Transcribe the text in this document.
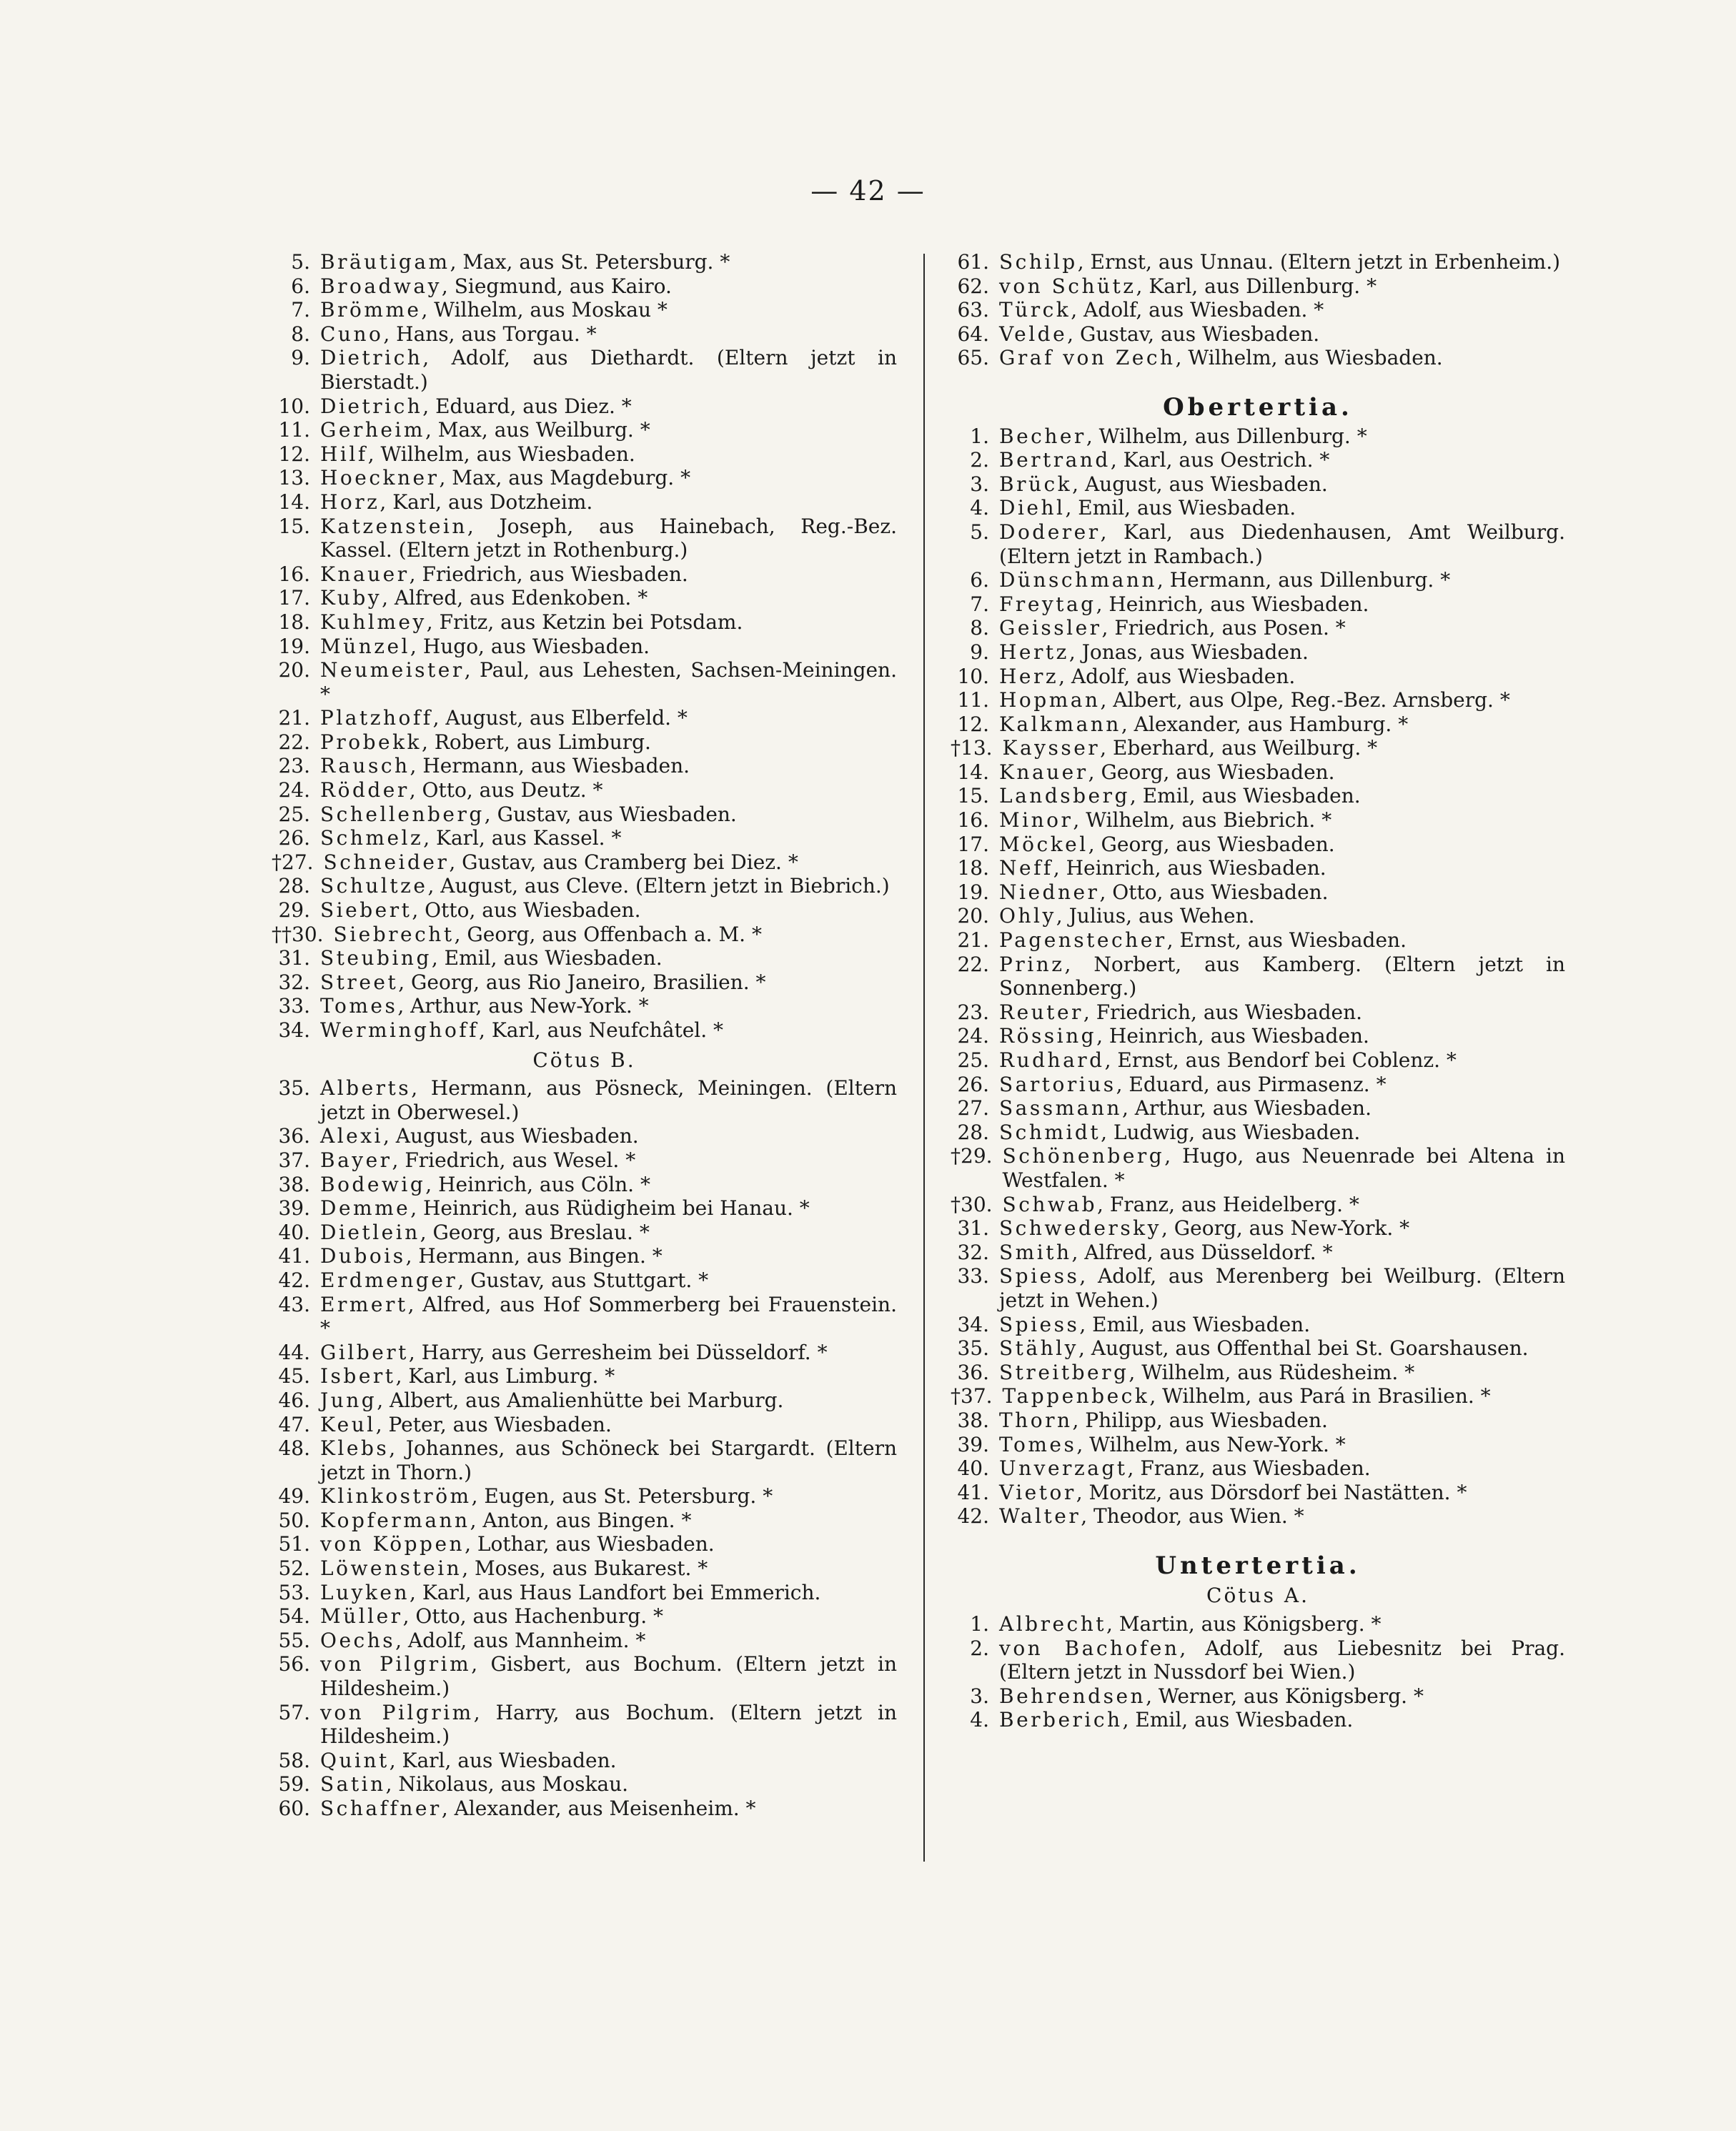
— 42 —
5. Bräutigam, Max, aus St. Petersburg. *
6. Broadway, Siegmund, aus Kairo.
7. Brömme, Wilhelm, aus Moskau *
8. Cuno, Hans, aus Torgau. *
9. Dietrich, Adolf, aus Diethardt. (Eltern jetzt in Bierstadt.)
10. Dietrich, Eduard, aus Diez. *
11. Gerheim, Max, aus Weilburg. *
12. Hilf, Wilhelm, aus Wiesbaden.
13. Hoeckner, Max, aus Magdeburg. *
14. Horz, Karl, aus Dotzheim.
15. Katzenstein, Joseph, aus Hainebach, Reg.-Bez. Kassel. (Eltern jetzt in Rothenburg.)
16. Knauer, Friedrich, aus Wiesbaden.
17. Kuby, Alfred, aus Edenkoben. *
18. Kuhlmey, Fritz, aus Ketzin bei Potsdam.
19. Münzel, Hugo, aus Wiesbaden.
20. Neumeister, Paul, aus Lehesten, Sachsen-Meiningen. *
21. Platzhoff, August, aus Elberfeld. *
22. Probekk, Robert, aus Limburg.
23. Rausch, Hermann, aus Wiesbaden.
24. Rödder, Otto, aus Deutz. *
25. Schellenberg, Gustav, aus Wiesbaden.
26. Schmelz, Karl, aus Kassel. *
†27. Schneider, Gustav, aus Cramberg bei Diez. *
28. Schultze, August, aus Cleve. (Eltern jetzt in Biebrich.)
29. Siebert, Otto, aus Wiesbaden.
††30. Siebrecht, Georg, aus Offenbach a. M. *
31. Steubing, Emil, aus Wiesbaden.
32. Street, Georg, aus Rio Janeiro, Brasilien. *
33. Tomes, Arthur, aus New-York. *
34. Werminghoff, Karl, aus Neufchâtel. *
Cötus B.
35. Alberts, Hermann, aus Pösneck, Meiningen. (Eltern jetzt in Oberwesel.)
36. Alexi, August, aus Wiesbaden.
37. Bayer, Friedrich, aus Wesel. *
38. Bodewig, Heinrich, aus Cöln. *
39. Demme, Heinrich, aus Rüdigheim bei Hanau. *
40. Dietlein, Georg, aus Breslau. *
41. Dubois, Hermann, aus Bingen. *
42. Erdmenger, Gustav, aus Stuttgart. *
43. Ermert, Alfred, aus Hof Sommerberg bei Frauenstein. *
44. Gilbert, Harry, aus Gerresheim bei Düsseldorf. *
45. Isbert, Karl, aus Limburg. *
46. Jung, Albert, aus Amalienhütte bei Marburg.
47. Keul, Peter, aus Wiesbaden.
48. Klebs, Johannes, aus Schöneck bei Stargardt. (Eltern jetzt in Thorn.)
49. Klinkoström, Eugen, aus St. Petersburg. *
50. Kopfermann, Anton, aus Bingen. *
51. von Köppen, Lothar, aus Wiesbaden.
52. Löwenstein, Moses, aus Bukarest. *
53. Luyken, Karl, aus Haus Landfort bei Emmerich.
54. Müller, Otto, aus Hachenburg. *
55. Oechs, Adolf, aus Mannheim. *
56. von Pilgrim, Gisbert, aus Bochum. (Eltern jetzt in Hildesheim.)
57. von Pilgrim, Harry, aus Bochum. (Eltern jetzt in Hildesheim.)
58. Quint, Karl, aus Wiesbaden.
59. Satin, Nikolaus, aus Moskau.
60. Schaffner, Alexander, aus Meisenheim. *
61. Schilp, Ernst, aus Unnau. (Eltern jetzt in Erbenheim.)
62. von Schütz, Karl, aus Dillenburg. *
63. Türck, Adolf, aus Wiesbaden. *
64. Velde, Gustav, aus Wiesbaden.
65. Graf von Zech, Wilhelm, aus Wiesbaden.
Obertertia.
1. Becher, Wilhelm, aus Dillenburg. *
2. Bertrand, Karl, aus Oestrich. *
3. Brück, August, aus Wiesbaden.
4. Diehl, Emil, aus Wiesbaden.
5. Doderer, Karl, aus Diedenhausen, Amt Weilburg. (Eltern jetzt in Rambach.)
6. Dünschmann, Hermann, aus Dillenburg. *
7. Freytag, Heinrich, aus Wiesbaden.
8. Geissler, Friedrich, aus Posen. *
9. Hertz, Jonas, aus Wiesbaden.
10. Herz, Adolf, aus Wiesbaden.
11. Hopman, Albert, aus Olpe, Reg.-Bez. Arnsberg. *
12. Kalkmann, Alexander, aus Hamburg. *
†13. Kaysser, Eberhard, aus Weilburg. *
14. Knauer, Georg, aus Wiesbaden.
15. Landsberg, Emil, aus Wiesbaden.
16. Minor, Wilhelm, aus Biebrich. *
17. Möckel, Georg, aus Wiesbaden.
18. Neff, Heinrich, aus Wiesbaden.
19. Niedner, Otto, aus Wiesbaden.
20. Ohly, Julius, aus Wehen.
21. Pagenstecher, Ernst, aus Wiesbaden.
22. Prinz, Norbert, aus Kamberg. (Eltern jetzt in Sonnenberg.)
23. Reuter, Friedrich, aus Wiesbaden.
24. Rössing, Heinrich, aus Wiesbaden.
25. Rudhard, Ernst, aus Bendorf bei Coblenz. *
26. Sartorius, Eduard, aus Pirmasenz. *
27. Sassmann, Arthur, aus Wiesbaden.
28. Schmidt, Ludwig, aus Wiesbaden.
†29. Schönenberg, Hugo, aus Neuenrade bei Altena in Westfalen. *
†30. Schwab, Franz, aus Heidelberg. *
31. Schwedersky, Georg, aus New-York. *
32. Smith, Alfred, aus Düsseldorf. *
33. Spiess, Adolf, aus Merenberg bei Weilburg. (Eltern jetzt in Wehen.)
34. Spiess, Emil, aus Wiesbaden.
35. Stähly, August, aus Offenthal bei St. Goarshausen.
36. Streitberg, Wilhelm, aus Rüdesheim. *
†37. Tappenbeck, Wilhelm, aus Pará in Brasilien. *
38. Thorn, Philipp, aus Wiesbaden.
39. Tomes, Wilhelm, aus New-York. *
40. Unverzagt, Franz, aus Wiesbaden.
41. Vietor, Moritz, aus Dörsdorf bei Nastätten. *
42. Walter, Theodor, aus Wien. *
Untertertia.
Cötus A.
1. Albrecht, Martin, aus Königsberg. *
2. von Bachofen, Adolf, aus Liebesnitz bei Prag. (Eltern jetzt in Nussdorf bei Wien.)
3. Behrendsen, Werner, aus Königsberg. *
4. Berberich, Emil, aus Wiesbaden.
